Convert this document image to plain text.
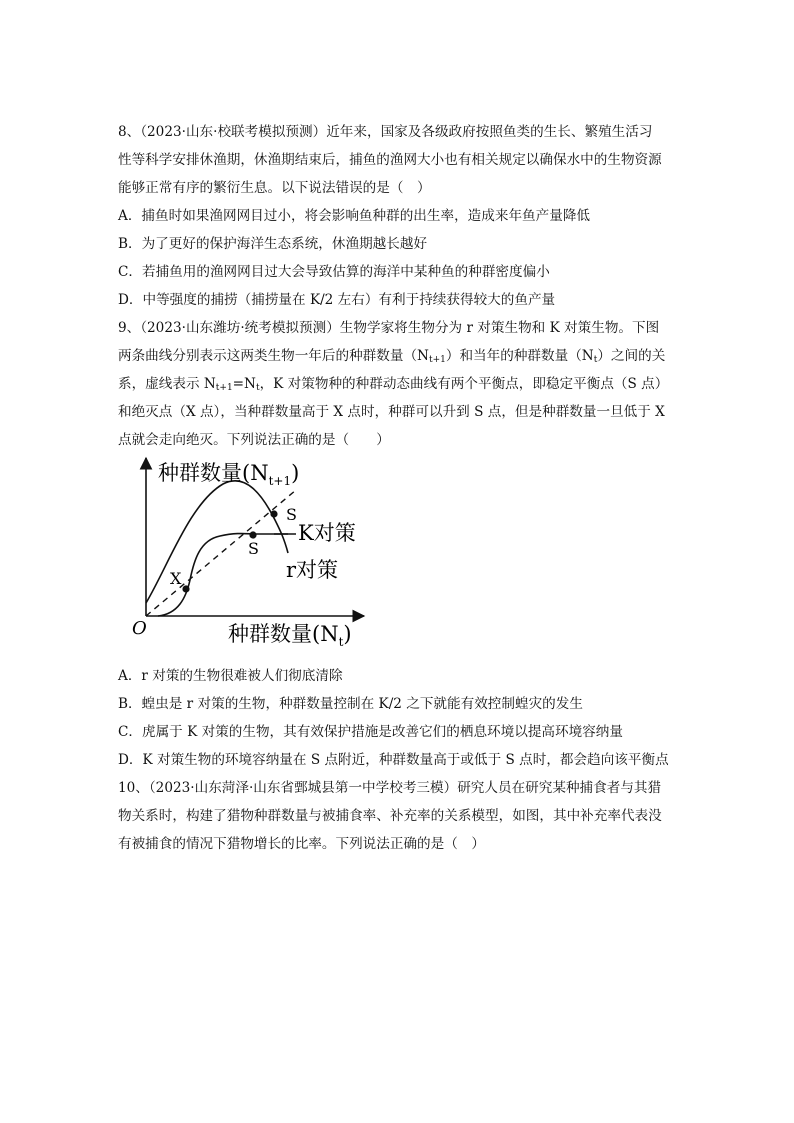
8、（2023·山东·校联考模拟预测）近年来，国家及各级政府按照鱼类的生长、繁殖生活习
性等科学安排休渔期，休渔期结束后，捕鱼的渔网大小也有相关规定以确保水中的生物资源
能够正常有序的繁衍生息。以下说法错误的是（　）
A．捕鱼时如果渔网网目过小，将会影响鱼种群的出生率，造成来年鱼产量降低
B．为了更好的保护海洋生态系统，休渔期越长越好
C．若捕鱼用的渔网网目过大会导致估算的海洋中某种鱼的种群密度偏小
D．中等强度的捕捞（捕捞量在 K/2 左右）有利于持续获得较大的鱼产量
9、（2023·山东潍坊·统考模拟预测）生物学家将生物分为 r 对策生物和 K 对策生物。下图
两条曲线分别表示这两类生物一年后的种群数量$(N_{t+1})$和当年的种群数量$(N_t)$之间的关
系，虚线表示 $N_{t+1}=N_t$，K 对策物种的种群动态曲线有两个平衡点，即稳定平衡点（S 点）
和绝灭点（X 点），当种群数量高于 X 点时，种群可以升到 S 点，但是种群数量一旦低于 X
点就会走向绝灭。下列说法正确的是（　　）
种群数量$(N_{t+1})$
种群数量$(N_t)$
O
X
S
S
K对策
r对策
A．r 对策的生物很难被人们彻底清除
B．蝗虫是 r 对策的生物，种群数量控制在 K/2 之下就能有效控制蝗灾的发生
C．虎属于 K 对策的生物，其有效保护措施是改善它们的栖息环境以提高环境容纳量
D．K 对策生物的环境容纳量在 S 点附近，种群数量高于或低于 S 点时，都会趋向该平衡点
10、（2023·山东菏泽·山东省鄄城县第一中学校考三模）研究人员在研究某种捕食者与其猎
物关系时，构建了猎物种群数量与被捕食率、补充率的关系模型，如图，其中补充率代表没
有被捕食的情况下猎物增长的比率。下列说法正确的是（　）
